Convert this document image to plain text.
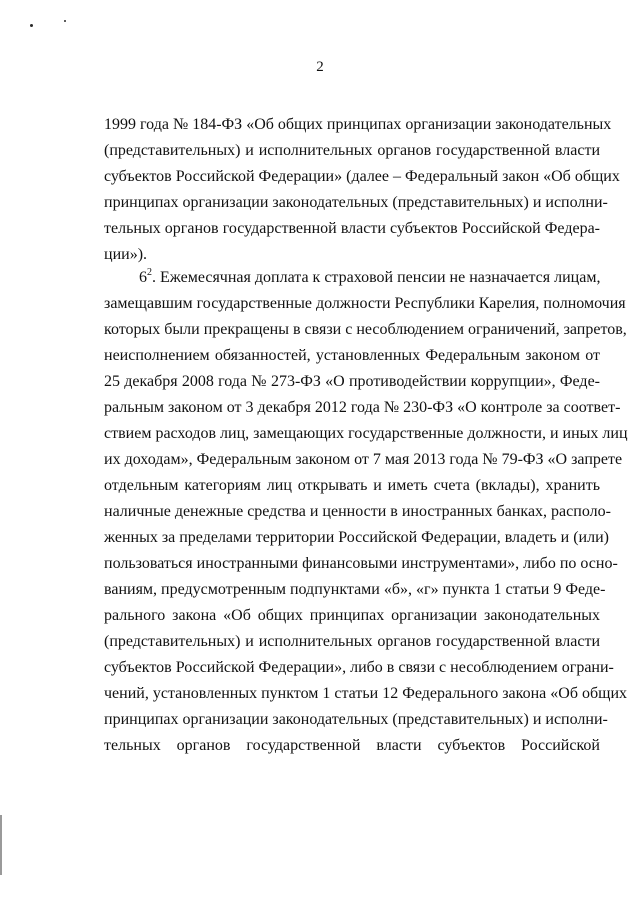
2
1999 года № 184-ФЗ «Об общих принципах организации законодательных
(представительных) и исполнительных органов государственной власти
субъектов Российской Федерации» (далее – Федеральный закон «Об общих
принципах организации законодательных (представительных) и исполни-
тельных органов государственной власти субъектов Российской Федера-
ции»).
$6^2$. Ежемесячная доплата к страховой пенсии не назначается лицам,
замещавшим государственные должности Республики Карелия, полномочия
которых были прекращены в связи с несоблюдением ограничений, запретов,
неисполнением обязанностей, установленных Федеральным законом от
25 декабря 2008 года № 273-ФЗ «О противодействии коррупции», Феде-
ральным законом от 3 декабря 2012 года № 230-ФЗ «О контроле за соответ-
ствием расходов лиц, замещающих государственные должности, и иных лиц
их доходам», Федеральным законом от 7 мая 2013 года № 79-ФЗ «О запрете
отдельным категориям лиц открывать и иметь счета (вклады), хранить
наличные денежные средства и ценности в иностранных банках, располо-
женных за пределами территории Российской Федерации, владеть и (или)
пользоваться иностранными финансовыми инструментами», либо по осно-
ваниям, предусмотренным подпунктами «б», «г» пункта 1 статьи 9 Феде-
рального закона «Об общих принципах организации законодательных
(представительных) и исполнительных органов государственной власти
субъектов Российской Федерации», либо в связи с несоблюдением ограни-
чений, установленных пунктом 1 статьи 12 Федерального закона «Об общих
принципах организации законодательных (представительных) и исполни-
тельных органов государственной власти субъектов Российской
